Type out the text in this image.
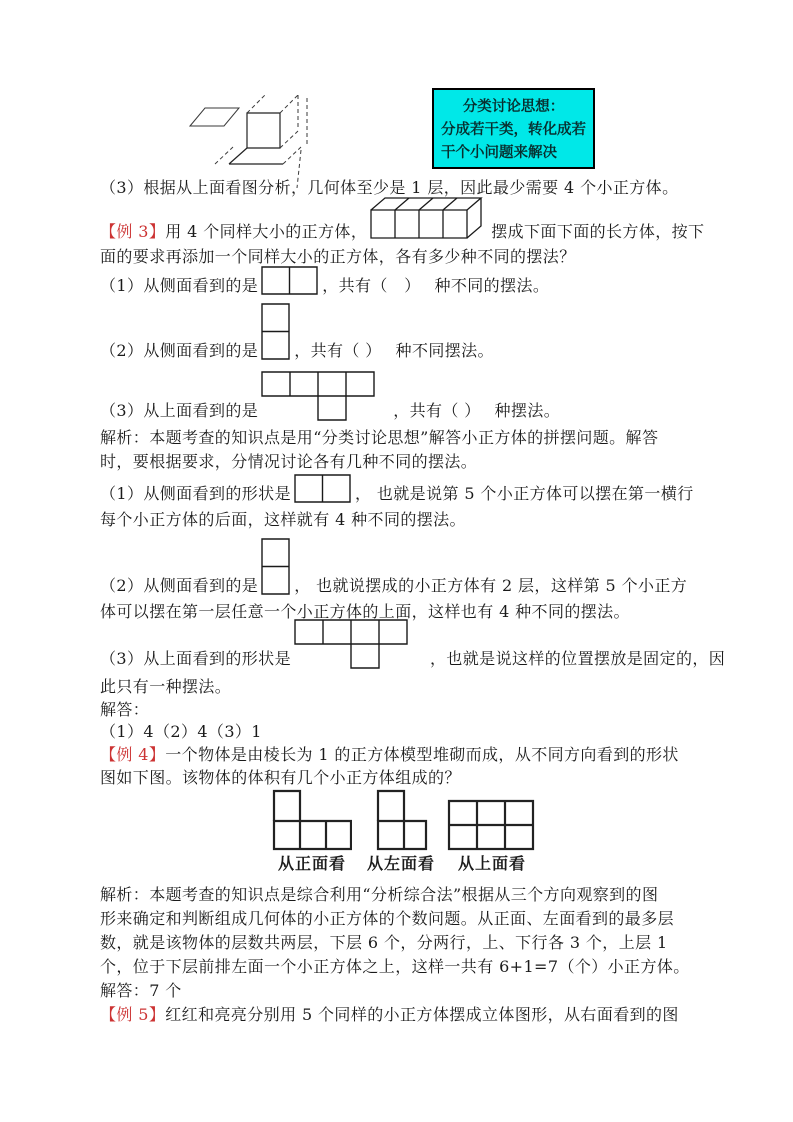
分类讨论思想：
分成若干类，转化成若
干个小问题来解决
（3）根据从上面看图分析，几何体至少是 1 层，因此最少需要 4 个小正方体。
【例 3】 用 4 个同样大小的正方体，	摆成下面下面的长方体，按下
面的要求再添加一个同样大小的正方体，各有多少种不同的摆法？
（1）从侧面看到的是	，共有（　）　 种不同的摆法。
（2）从侧面看到的是 ，共有（ ）　 种不同摆法。
（3）从上面看到的是	，共有（ ）　 种摆法。
解析：本题考查的知识点是用“分类讨论思想”解答小正方体的拼摆问题。解答
时，要根据要求，分情况讨论各有几种不同的摆法。
（1）从侧面看到的形状是	， 也就是说第 5 个小正方体可以摆在第一横行
每个小正方体的后面，这样就有 4 种不同的摆法。
（2）从侧面看到的是 ， 也就说摆成的小正方体有 2 层，这样第 5 个小正方
体可以摆在第一层任意一个小正方体的上面，这样也有 4 种不同的摆法。
（3）从上面看到的形状是	，也就是说这样的位置摆放是固定的，因
此只有一种摆法。
解答：
（1）4（2）4（3）1
【例 4】一个物体是由棱长为 1 的正方体模型堆砌而成，从不同方向看到的形状
图如下图。该物体的体积有几个小正方体组成的？
从正面看	从左面看	从上面看
解析：本题考查的知识点是综合利用“分析综合法”根据从三个方向观察到的图
形来确定和判断组成几何体的小正方体的个数问题。从正面、左面看到的最多层
数，就是该物体的层数共两层，下层 6 个，分两行，上、下行各 3 个，上层 1
个，位于下层前排左面一个小正方体之上，这样一共有 6+1=7（个）小正方体。
解答：7 个
【例 5】红红和亮亮分别用 5 个同样的小正方体摆成立体图形，从右面看到的图
